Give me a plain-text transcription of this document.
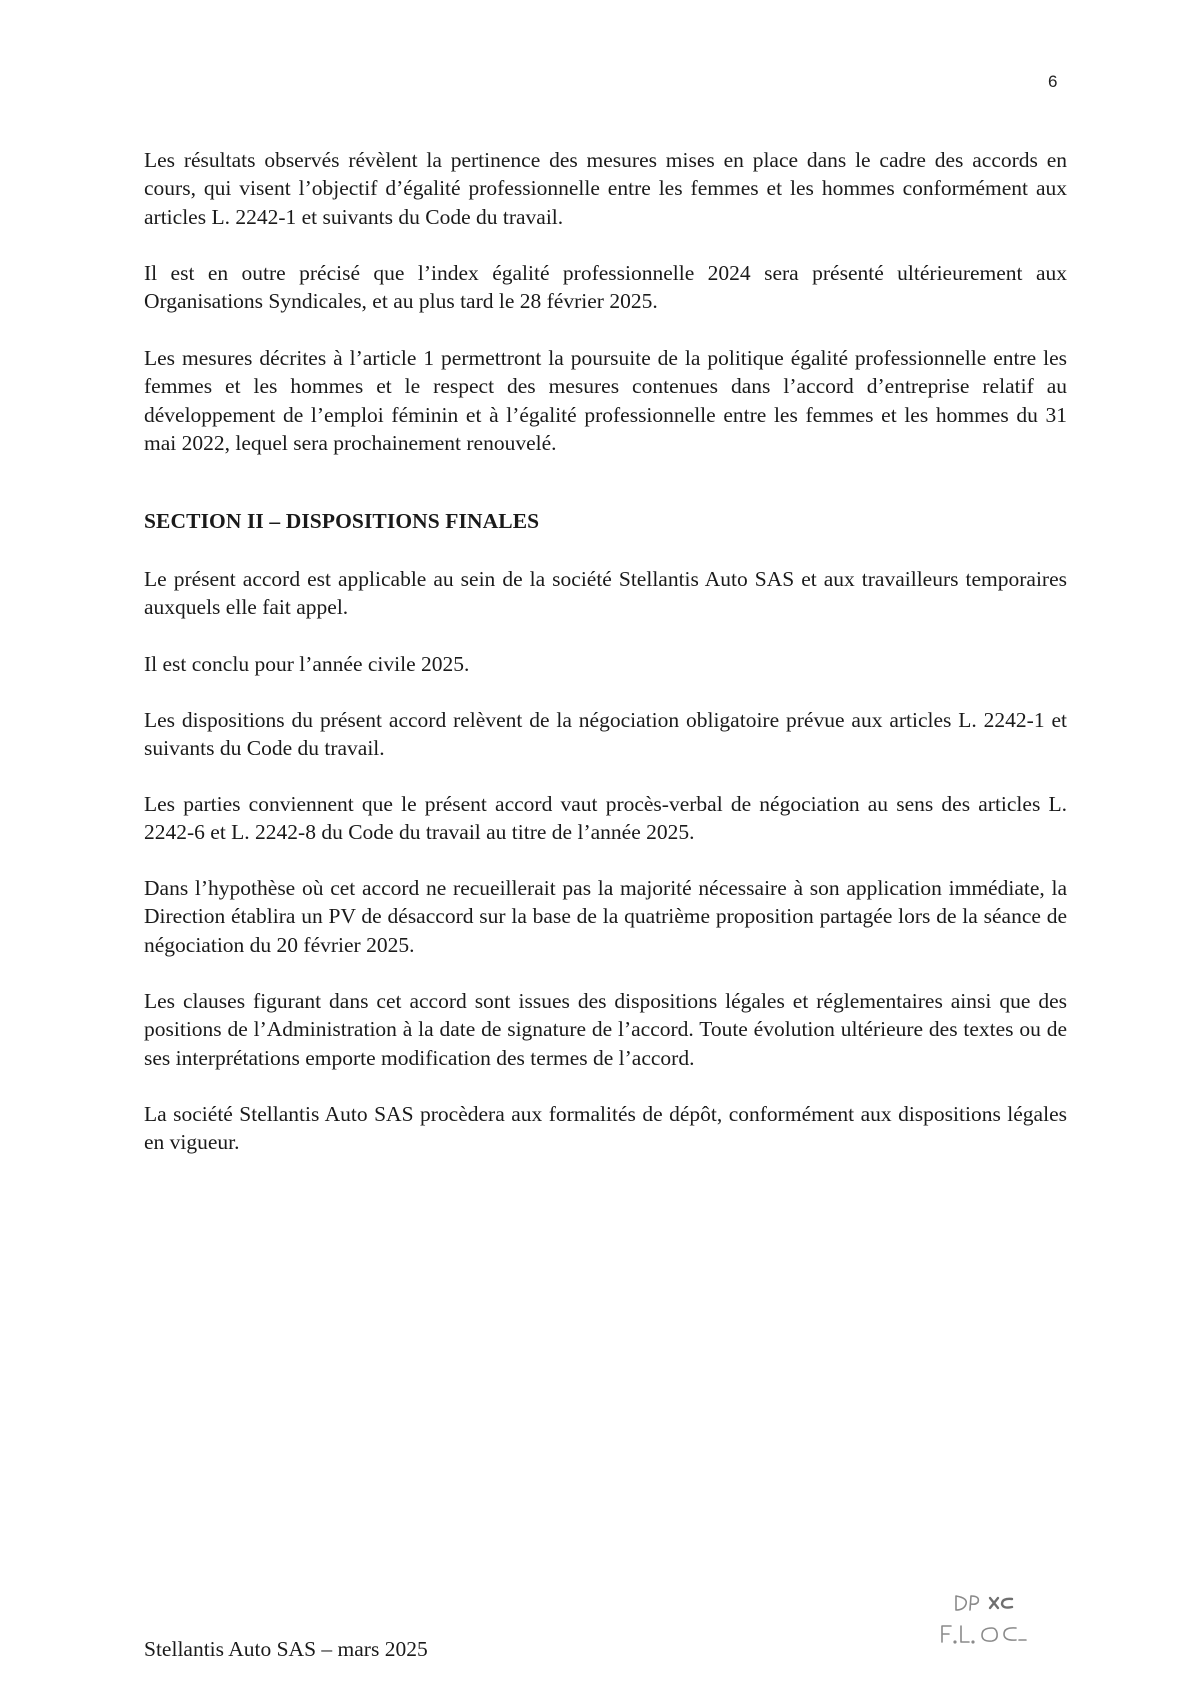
6

Les résultats observés révèlent la pertinence des mesures mises en place dans le cadre des accords en cours, qui visent l’objectif d’égalité professionnelle entre les femmes et les hommes conformément aux articles L. 2242-1 et suivants du Code du travail.

Il est en outre précisé que l’index égalité professionnelle 2024 sera présenté ultérieurement aux Organisations Syndicales, et au plus tard le 28 février 2025.

Les mesures décrites à l’article 1 permettront la poursuite de la politique égalité professionnelle entre les femmes et les hommes et le respect des mesures contenues dans l’accord d’entreprise relatif au développement de l’emploi féminin et à l’égalité professionnelle entre les femmes et les hommes du 31 mai 2022, lequel sera prochainement renouvelé.

SECTION II – DISPOSITIONS FINALES

Le présent accord est applicable au sein de la société Stellantis Auto SAS et aux travailleurs temporaires auxquels elle fait appel.

Il est conclu pour l’année civile 2025.

Les dispositions du présent accord relèvent de la négociation obligatoire prévue aux articles L. 2242-1 et suivants du Code du travail.

Les parties conviennent que le présent accord vaut procès-verbal de négociation au sens des articles L. 2242-6 et L. 2242-8 du Code du travail au titre de l’année 2025.

Dans l’hypothèse où cet accord ne recueillerait pas la majorité nécessaire à son application immédiate, la Direction établira un PV de désaccord sur la base de la quatrième proposition partagée lors de la séance de négociation du 20 février 2025.

Les clauses figurant dans cet accord sont issues des dispositions légales et réglementaires ainsi que des positions de l’Administration à la date de signature de l’accord. Toute évolution ultérieure des textes ou de ses interprétations emporte modification des termes de l’accord.

La société Stellantis Auto SAS procèdera aux formalités de dépôt, conformément aux dispositions légales en vigueur.

Stellantis Auto SAS – mars 2025
